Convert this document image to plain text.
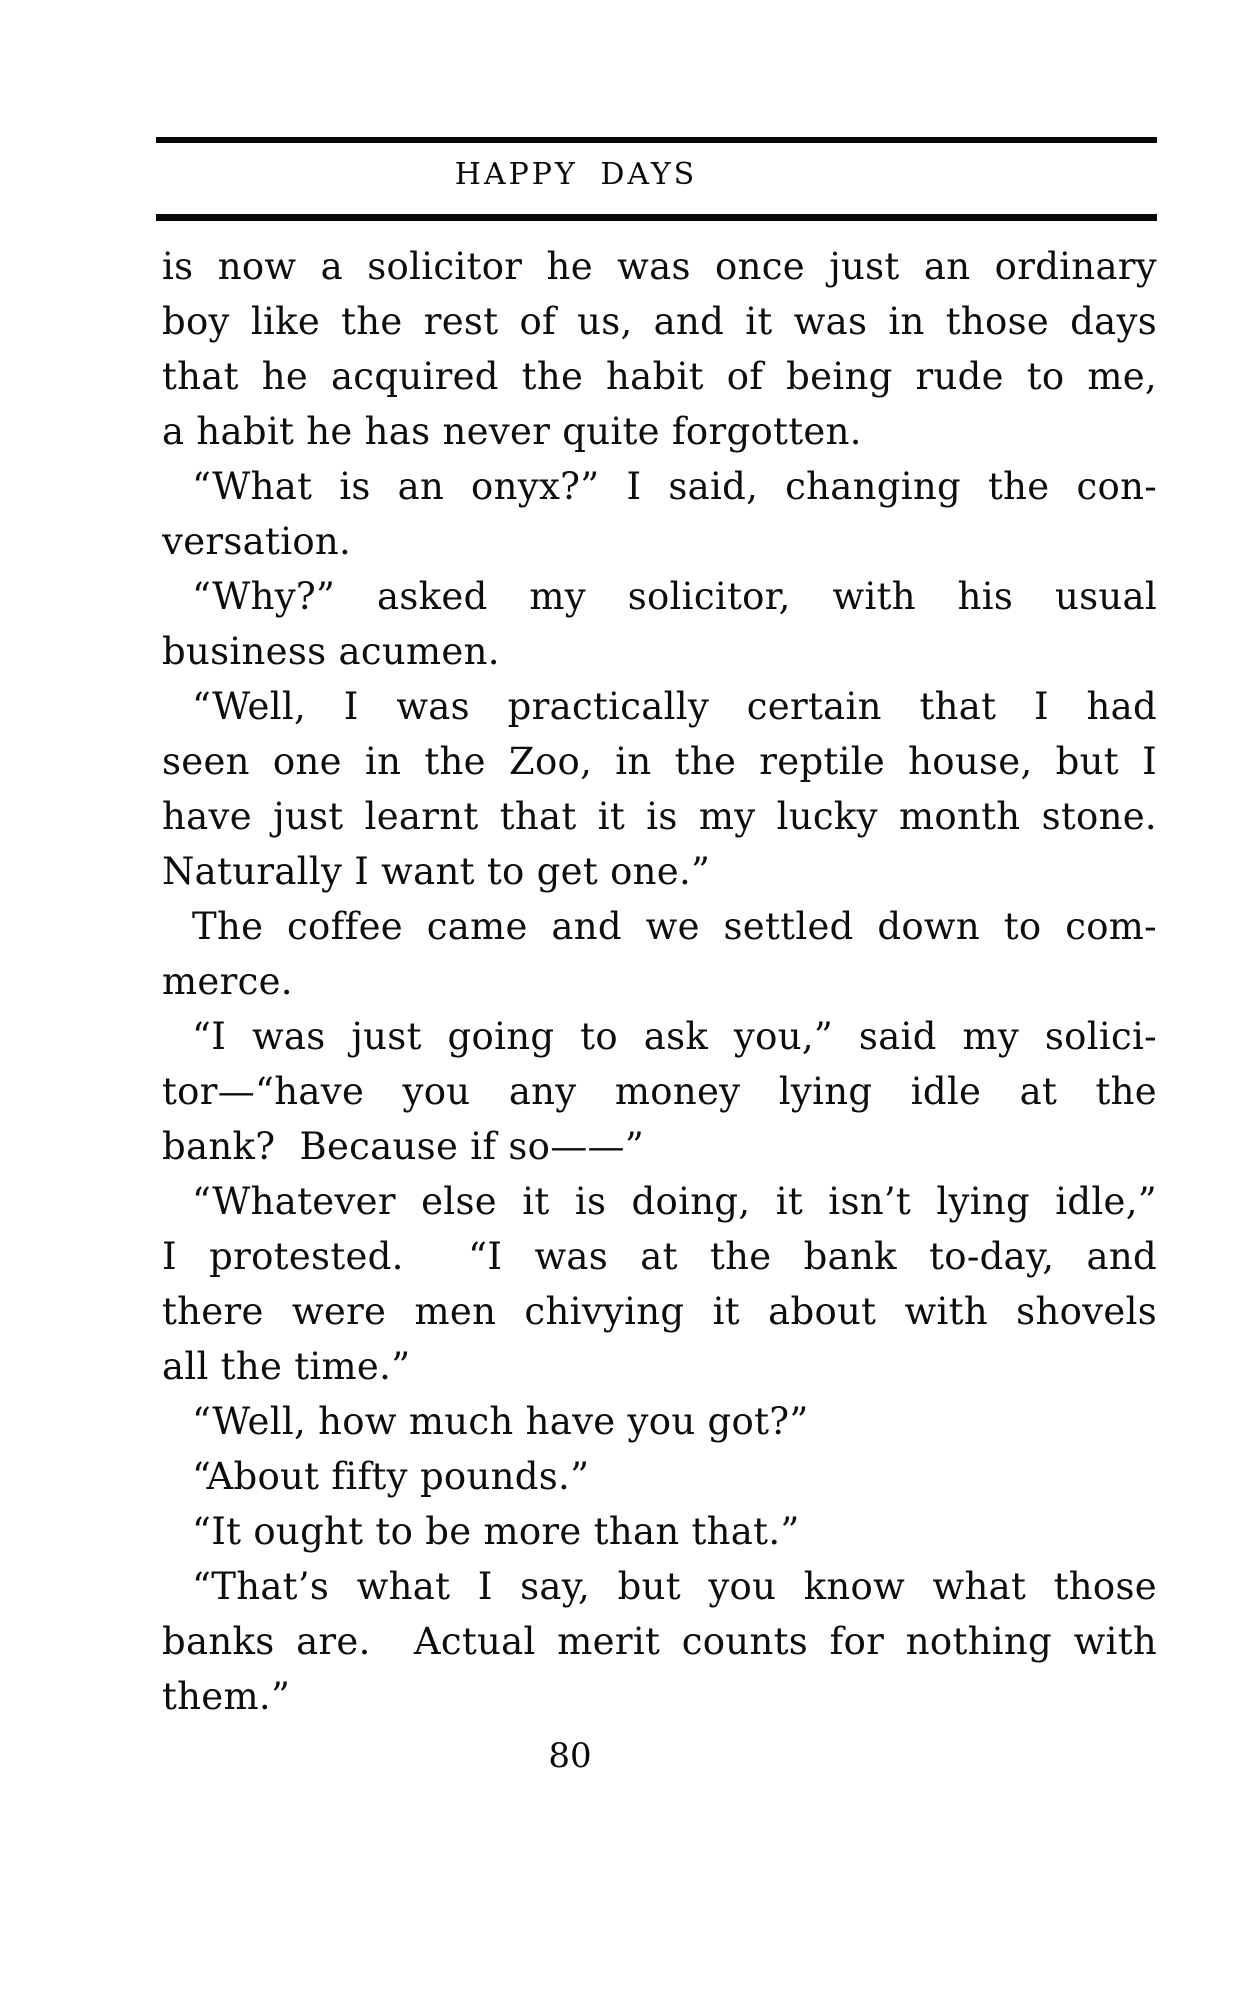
HAPPY DAYS
is now a solicitor he was once just an ordinary
boy like the rest of us, and it was in those days
that he acquired the habit of being rude to me,
a habit he has never quite forgotten.
“What is an onyx?” I said, changing the con-
versation.
“Why?” asked my solicitor, with his usual
business acumen.
“Well, I was practically certain that I had
seen one in the Zoo, in the reptile house, but I
have just learnt that it is my lucky month stone.
Naturally I want to get one.”
The coffee came and we settled down to com-
merce.
“I was just going to ask you,” said my solici-
tor—“have you any money lying idle at the
bank?  Because if so——”
“Whatever else it is doing, it isn’t lying idle,”
I protested.  “I was at the bank to-day, and
there were men chivying it about with shovels
all the time.”
“Well, how much have you got?”
“About fifty pounds.”
“It ought to be more than that.”
“That’s what I say, but you know what those
banks are.  Actual merit counts for nothing with
them.”
80
